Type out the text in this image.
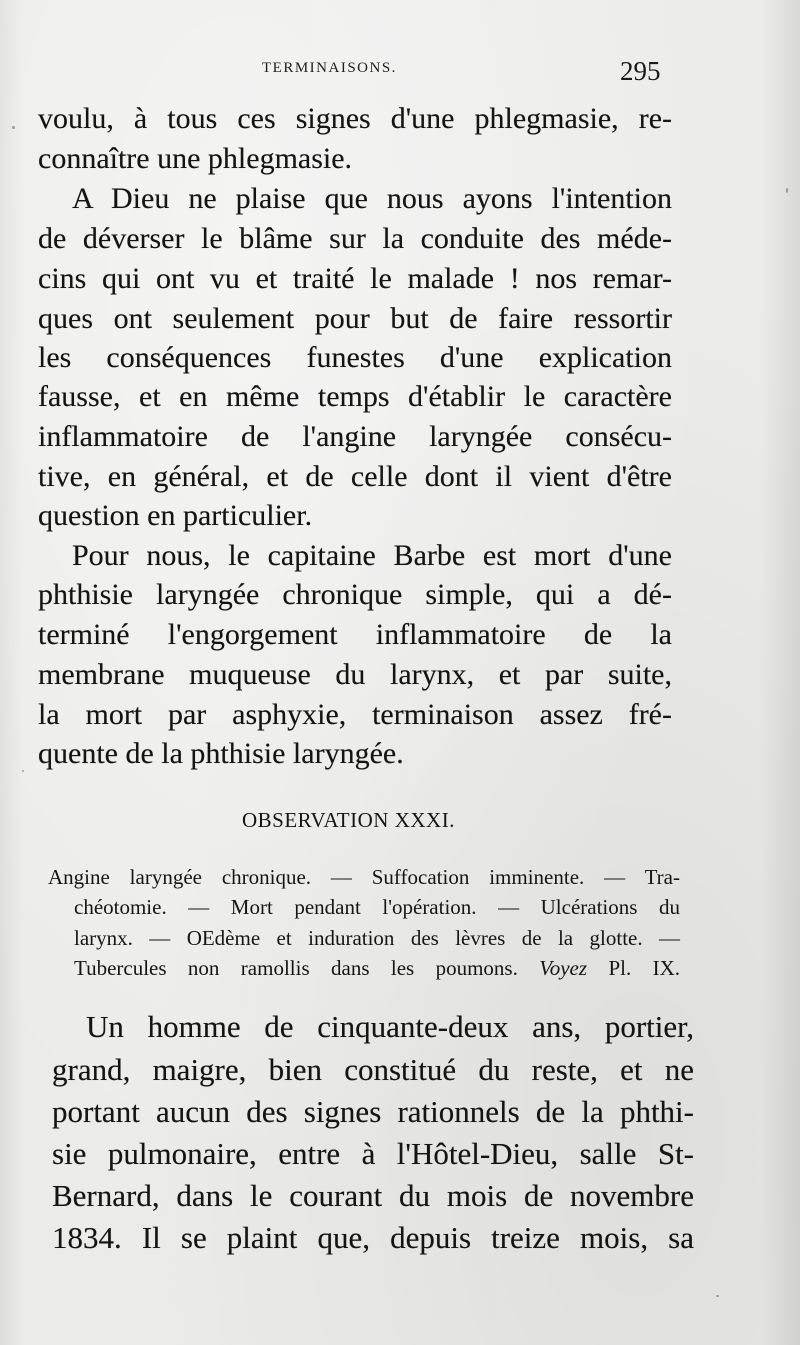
TERMINAISONS.	295
voulu, à tous ces signes d'une phlegmasie, re-
connaître une phlegmasie.
A Dieu ne plaise que nous ayons l'intention
de déverser le blâme sur la conduite des méde-
cins qui ont vu et traité le malade ! nos remar-
ques ont seulement pour but de faire ressortir
les conséquences funestes d'une explication
fausse, et en même temps d'établir le caractère
inflammatoire de l'angine laryngée consécu-
tive, en général, et de celle dont il vient d'être
question en particulier.
Pour nous, le capitaine Barbe est mort d'une
phthisie laryngée chronique simple, qui a dé-
terminé l'engorgement inflammatoire de la
membrane muqueuse du larynx, et par suite,
la mort par asphyxie, terminaison assez fré-
quente de la phthisie laryngée.
OBSERVATION XXXI.
Angine laryngée chronique. — Suffocation imminente. — Tra-
chéotomie. — Mort pendant l'opération. — Ulcérations du
larynx. — OEdème et induration des lèvres de la glotte. —
Tubercules non ramollis dans les poumons. Voyez Pl. IX.
Un homme de cinquante-deux ans, portier,
grand, maigre, bien constitué du reste, et ne
portant aucun des signes rationnels de la phthi-
sie pulmonaire, entre à l'Hôtel-Dieu, salle St-
Bernard, dans le courant du mois de novembre
1834. Il se plaint que, depuis treize mois, sa
